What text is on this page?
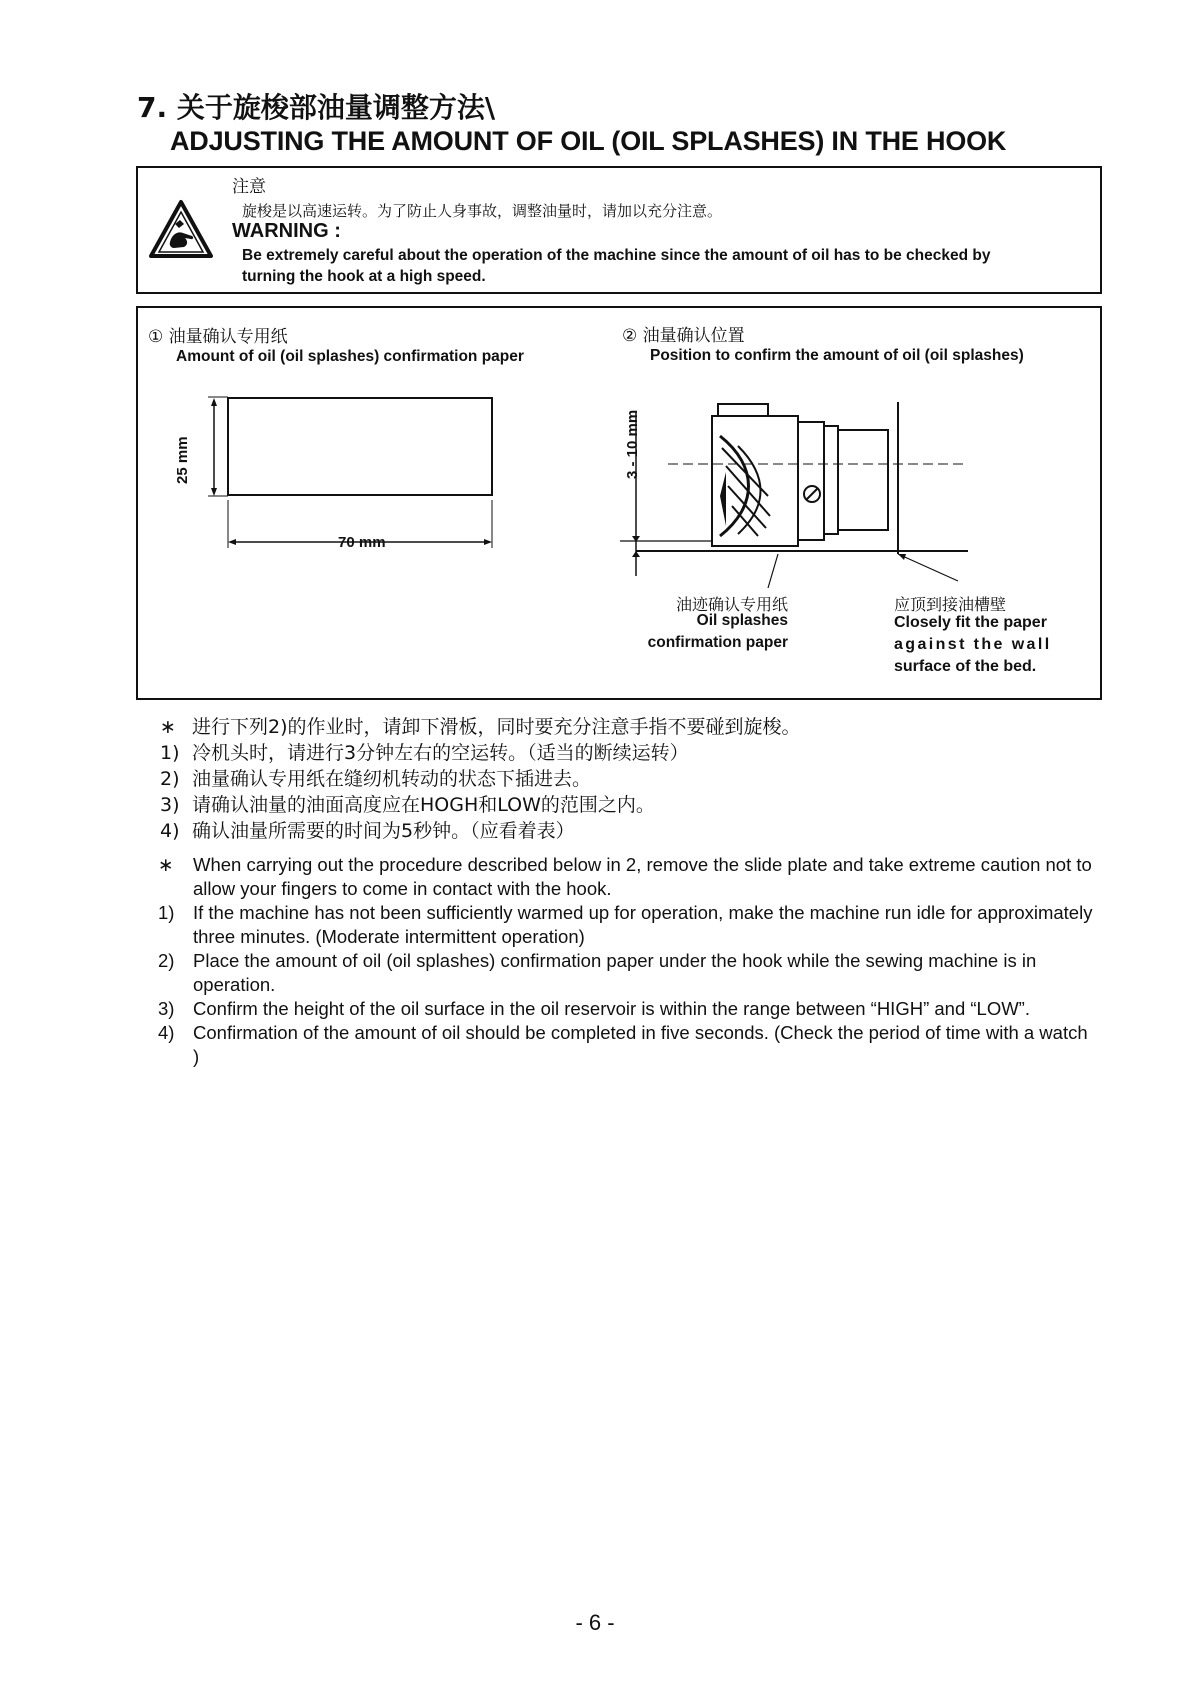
7. 关于旋梭部油量调整方法\
ADJUSTING THE AMOUNT OF OIL (OIL SPLASHES) IN THE HOOK
注意
旋梭是以高速运转。为了防止人身事故，调整油量时，请加以充分注意。
WARNING :
Be extremely careful about the operation of the machine since the amount of oil has to be checked by
turning the hook at a high speed.
① 油量确认专用纸
Amount of oil (oil splashes) confirmation paper
② 油量确认位置
Position to confirm the amount of oil (oil splashes)
25 mm
70 mm
3 - 10 mm
油迹确认专用纸
Oil splashes
confirmation paper
应顶到接油槽壁
Closely fit the paper
against the wall
surface of the bed.
∗ 进行下列2)的作业时，请卸下滑板，同时要充分注意手指不要碰到旋梭。
1) 冷机头时，请进行3分钟左右的空运转。（适当的断续运转）
2) 油量确认专用纸在缝纫机转动的状态下插进去。
3) 请确认油量的油面高度应在HOGH和LOW的范围之内。
4) 确认油量所需要的时间为5秒钟。（应看着表）
∗	When carrying out the procedure described below in 2, remove the slide plate and take extreme caution not to allow your fingers to come in contact with the hook.
1)	If the machine has not been sufficiently warmed up for operation, make the machine run idle for approximately three minutes. (Moderate intermittent operation)
2)	Place the amount of oil (oil splashes) confirmation paper under the hook while the sewing machine is in operation.
3)	Confirm the height of the oil surface in the oil reservoir is within the range between “HIGH” and “LOW”.
4)	Confirmation of the amount of oil should be completed in five seconds. (Check the period of time with a watch )
- 6 -
